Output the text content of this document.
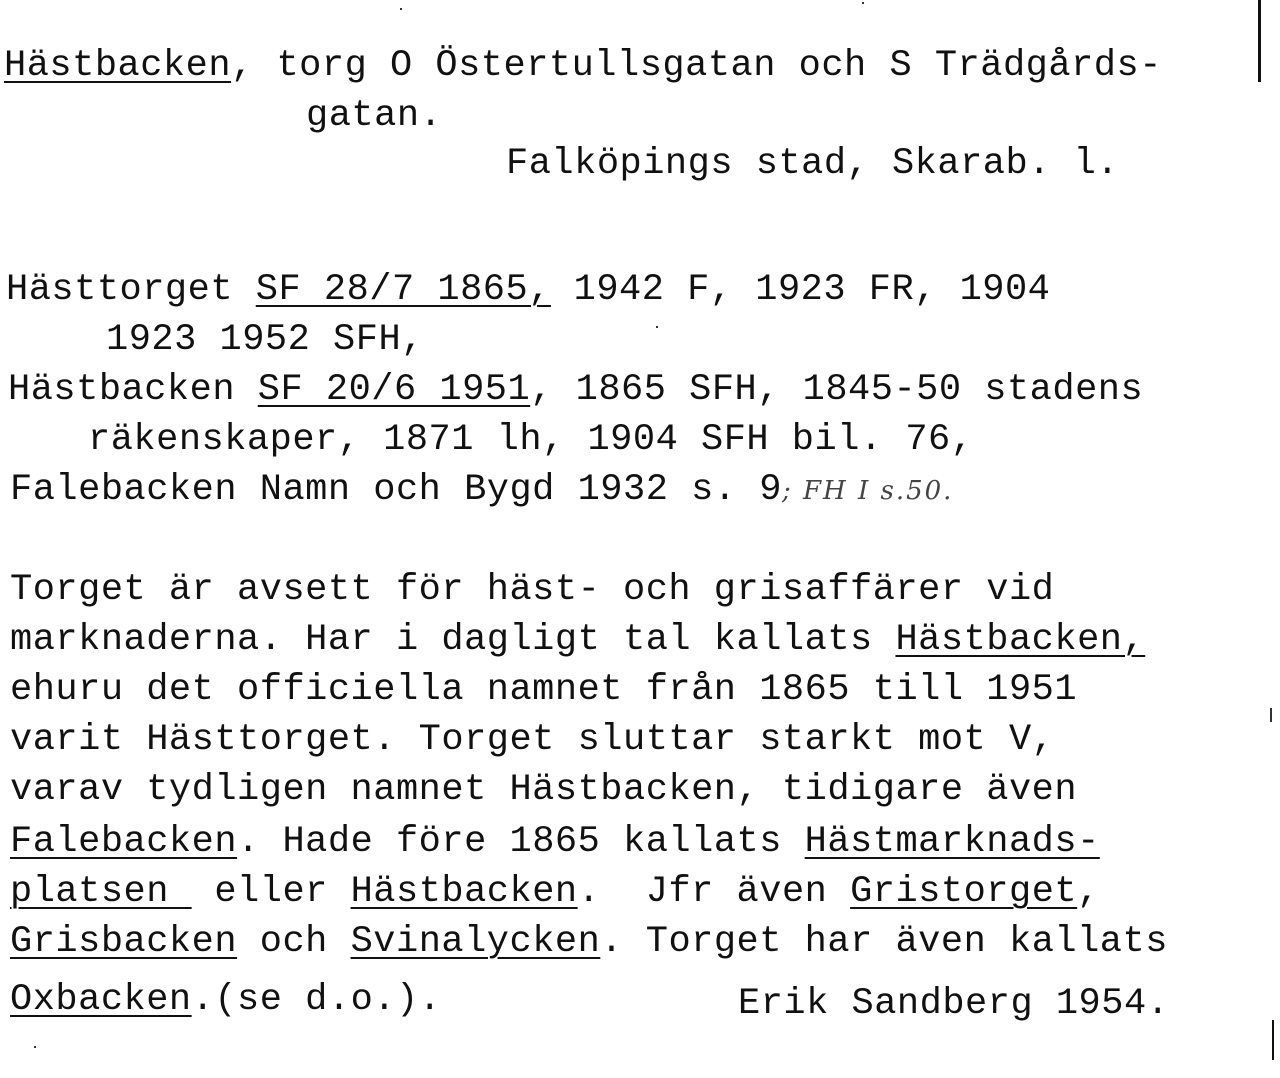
Hästbacken, torg O Östertullsgatan och S Trädgårds-
gatan.
Falköpings stad, Skarab. l.
Hästtorget SF 28/7 1865, 1942 F, 1923 FR, 1904
1923 1952 SFH,
Hästbacken SF 20/6 1951, 1865 SFH, 1845-50 stadens
räkenskaper, 1871 lh, 1904 SFH bil. 76,
Falebacken Namn och Bygd 1932 s. 9; FH I s.50.
Torget är avsett för häst- och grisaffärer vid
marknaderna. Har i dagligt tal kallats Hästbacken,
ehuru det officiella namnet från 1865 till 1951
varit Hästtorget. Torget sluttar starkt mot V,
varav tydligen namnet Hästbacken, tidigare även
Falebacken. Hade före 1865 kallats Hästmarknads-
platsen  eller Hästbacken.  Jfr även Gristorget,
Grisbacken och Svinalycken. Torget har även kallats
Oxbacken.(se d.o.).	Erik Sandberg 1954.
